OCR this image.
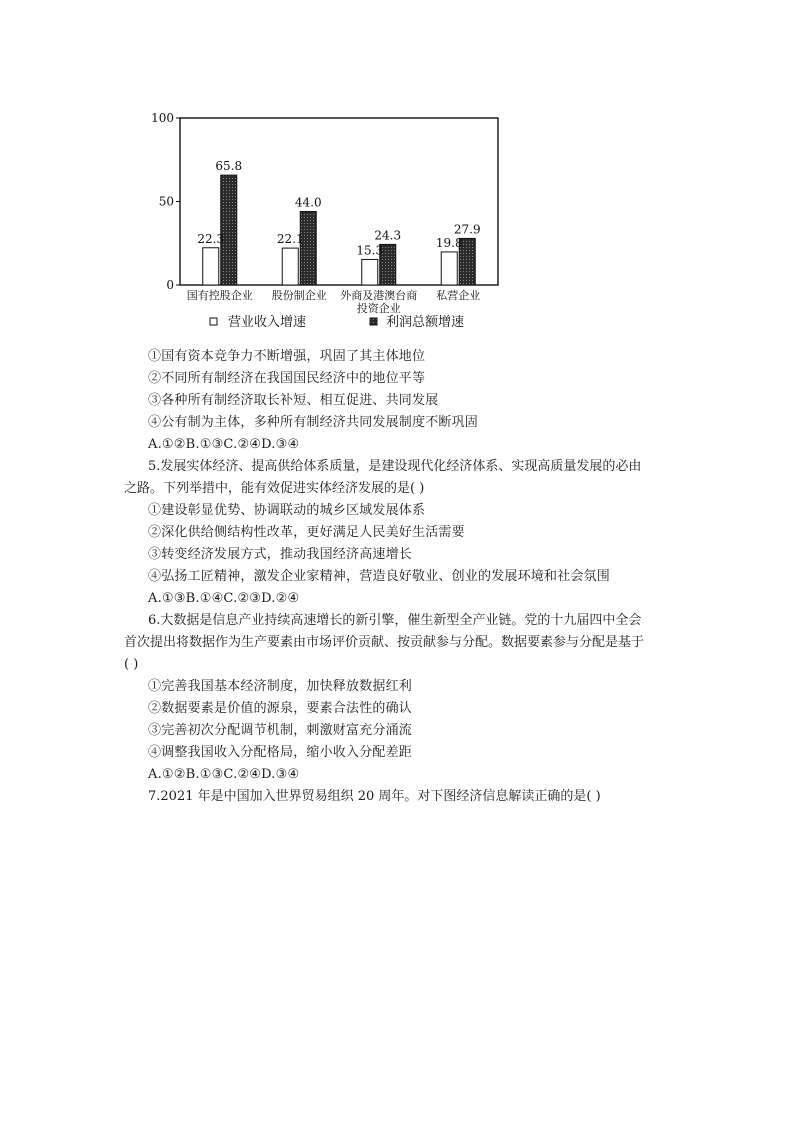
0
50
100
22.3
65.8
国有控股企业
22.1
44.0
股份制企业
15.3
24.3
外商及港澳台商
投资企业
19.8
27.9
私营企业
营业收入增速	利润总额增速
①国有资本竞争力不断增强，巩固了其主体地位
②不同所有制经济在我国国民经济中的地位平等
③各种所有制经济取长补短、相互促进、共同发展
④公有制为主体，多种所有制经济共同发展制度不断巩固
A.①②B.①③C.②④D.③④
5.发展实体经济、提高供给体系质量，是建设现代化经济体系、实现高质量发展的必由
之路。下列举措中，能有效促进实体经济发展的是( )
①建设彰显优势、协调联动的城乡区域发展体系
②深化供给侧结构性改革，更好满足人民美好生活需要
③转变经济发展方式，推动我国经济高速增长
④弘扬工匠精神，激发企业家精神，营造良好敬业、创业的发展环境和社会氛围
A.①③B.①④C.②③D.②④
6.大数据是信息产业持续高速增长的新引擎，催生新型全产业链。党的十九届四中全会
首次提出将数据作为生产要素由市场评价贡献、按贡献参与分配。数据要素参与分配是基于
( )
①完善我国基本经济制度，加快释放数据红利
②数据要素是价值的源泉，要素合法性的确认
③完善初次分配调节机制，刺激财富充分涌流
④调整我国收入分配格局，缩小收入分配差距
A.①②B.①③C.②④D.③④
7.2021 年是中国加入世界贸易组织 20 周年。对下图经济信息解读正确的是( )
